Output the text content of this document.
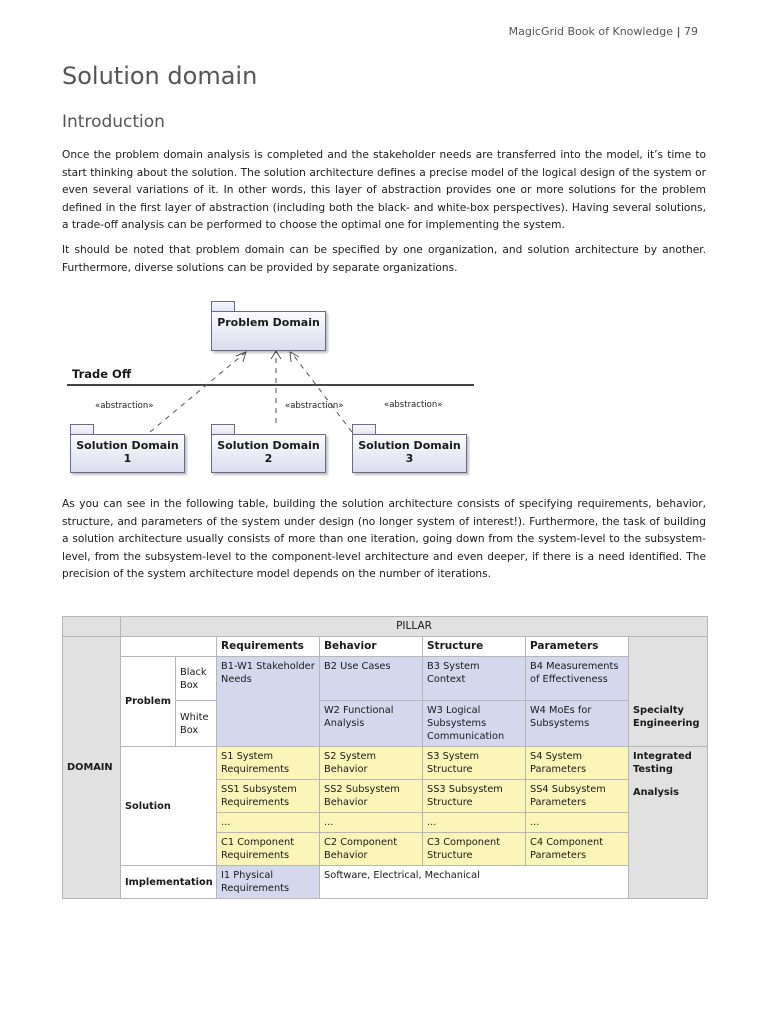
MagicGrid Book of Knowledge | 79
Solution domain
Introduction

Once the problem domain analysis is completed and the stakeholder needs are transferred into the model, it’s time to start thinking about the solution. The solution architecture defines a precise model of the logical design of the system or even several variations of it. In other words, this layer of abstraction provides one or more solutions for the problem defined in the first layer of abstraction (including both the black- and white-box perspectives). Having several solutions, a trade-off analysis can be performed to choose the optimal one for implementing the system.

It should be noted that problem domain can be specified by one organization, and solution architecture by another. Furthermore, diverse solutions can be provided by separate organizations.

Problem Domain
Trade Off
«abstraction»	«abstraction»	«abstraction»
Solution Domain 1
Solution Domain 2
Solution Domain 3

As you can see in the following table, building the solution architecture consists of specifying requirements, behavior, structure, and parameters of the system under design (no longer system of interest!). Furthermore, the task of building a solution architecture usually consists of more than one iteration, going down from the system-level to the subsystem-level, from the subsystem-level to the component-level architecture and even deeper, if there is a need identified. The precision of the system architecture model depends on the number of iterations.

	PILLAR						
DOMAIN			Requirements	Behavior	Structure	Parameters	Specialty Engineering
	Problem	Black Box	B1-W1 Stakeholder Needs	B2 Use Cases	B3 System Context	B4 Measurements of Effectiveness	
		White Box		W2 Functional Analysis	W3 Logical Subsystems Communication	W4 MoEs for Subsystems	
	Solution		S1 System Requirements	S2 System Behavior	S3 System Structure	S4 System Parameters	Integrated Testing
			SS1 Subsystem Requirements	SS2 Subsystem Behavior	SS3 Subsystem Structure	SS4 Subsystem Parameters	Analysis
			...	...	...	...	
			C1 Component Requirements	C2 Component Behavior	C3 Component Structure	C4 Component Parameters	
	Implementation		I1 Physical Requirements	Software, Electrical, Mechanical			
